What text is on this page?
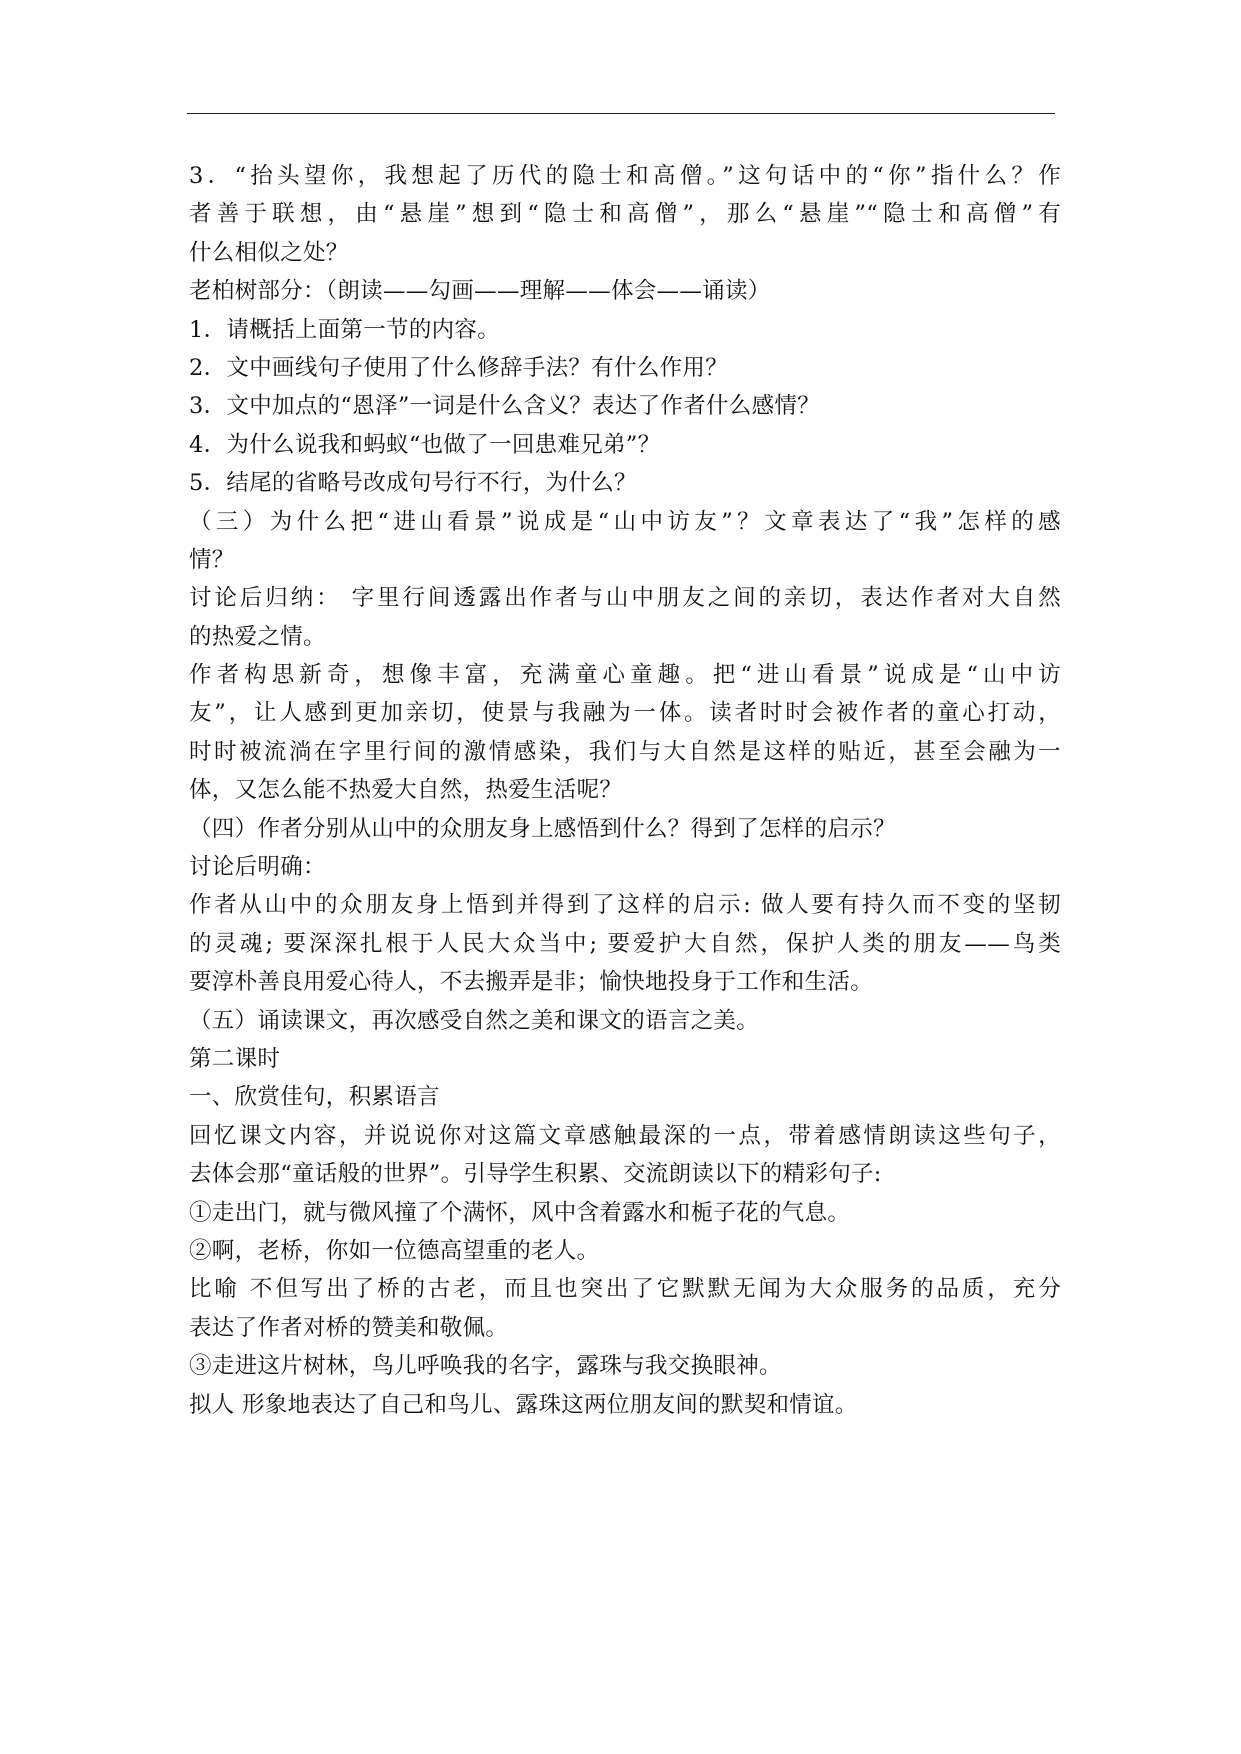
3．“抬头望你，我想起了历代的隐士和高僧。”这句话中的“你”指什么？作
者善于联想，由“悬崖”想到“隐士和高僧”，那么“悬崖”“隐士和高僧”有
什么相似之处？
老柏树部分：（朗读——勾画——理解——体会——诵读）
1．请概括上面第一节的内容。
2．文中画线句子使用了什么修辞手法？有什么作用？
3．文中加点的“恩泽”一词是什么含义？表达了作者什么感情？
4．为什么说我和蚂蚁“也做了一回患难兄弟”？
5．结尾的省略号改成句号行不行，为什么？
（三）为什么把“进山看景”说成是“山中访友”？文章表达了“我”怎样的感
情？
讨论后归纳： 字里行间透露出作者与山中朋友之间的亲切，表达作者对大自然
的热爱之情。
作者构思新奇，想像丰富，充满童心童趣。把“进山看景”说成是“山中访
友”，让人感到更加亲切，使景与我融为一体。读者时时会被作者的童心打动，
时时被流淌在字里行间的激情感染，我们与大自然是这样的贴近，甚至会融为一
体，又怎么能不热爱大自然，热爱生活呢？
（四）作者分别从山中的众朋友身上感悟到什么？得到了怎样的启示？
讨论后明确：
作者从山中的众朋友身上悟到并得到了这样的启示: 做人要有持久而不变的坚韧
的灵魂; 要深深扎根于人民大众当中; 要爱护大自然，保护人类的朋友——鸟类
要淳朴善良用爱心待人，不去搬弄是非；愉快地投身于工作和生活。
（五）诵读课文，再次感受自然之美和课文的语言之美。
第二课时
一、欣赏佳句，积累语言
回忆课文内容，并说说你对这篇文章感触最深的一点，带着感情朗读这些句子，
去体会那“童话般的世界”。引导学生积累、交流朗读以下的精彩句子:
①走出门，就与微风撞了个满怀，风中含着露水和栀子花的气息。
②啊，老桥，你如一位德高望重的老人。
比喻 不但写出了桥的古老，而且也突出了它默默无闻为大众服务的品质，充分
表达了作者对桥的赞美和敬佩。
③走进这片树林，鸟儿呼唤我的名字，露珠与我交换眼神。
拟人 形象地表达了自己和鸟儿、露珠这两位朋友间的默契和情谊。
